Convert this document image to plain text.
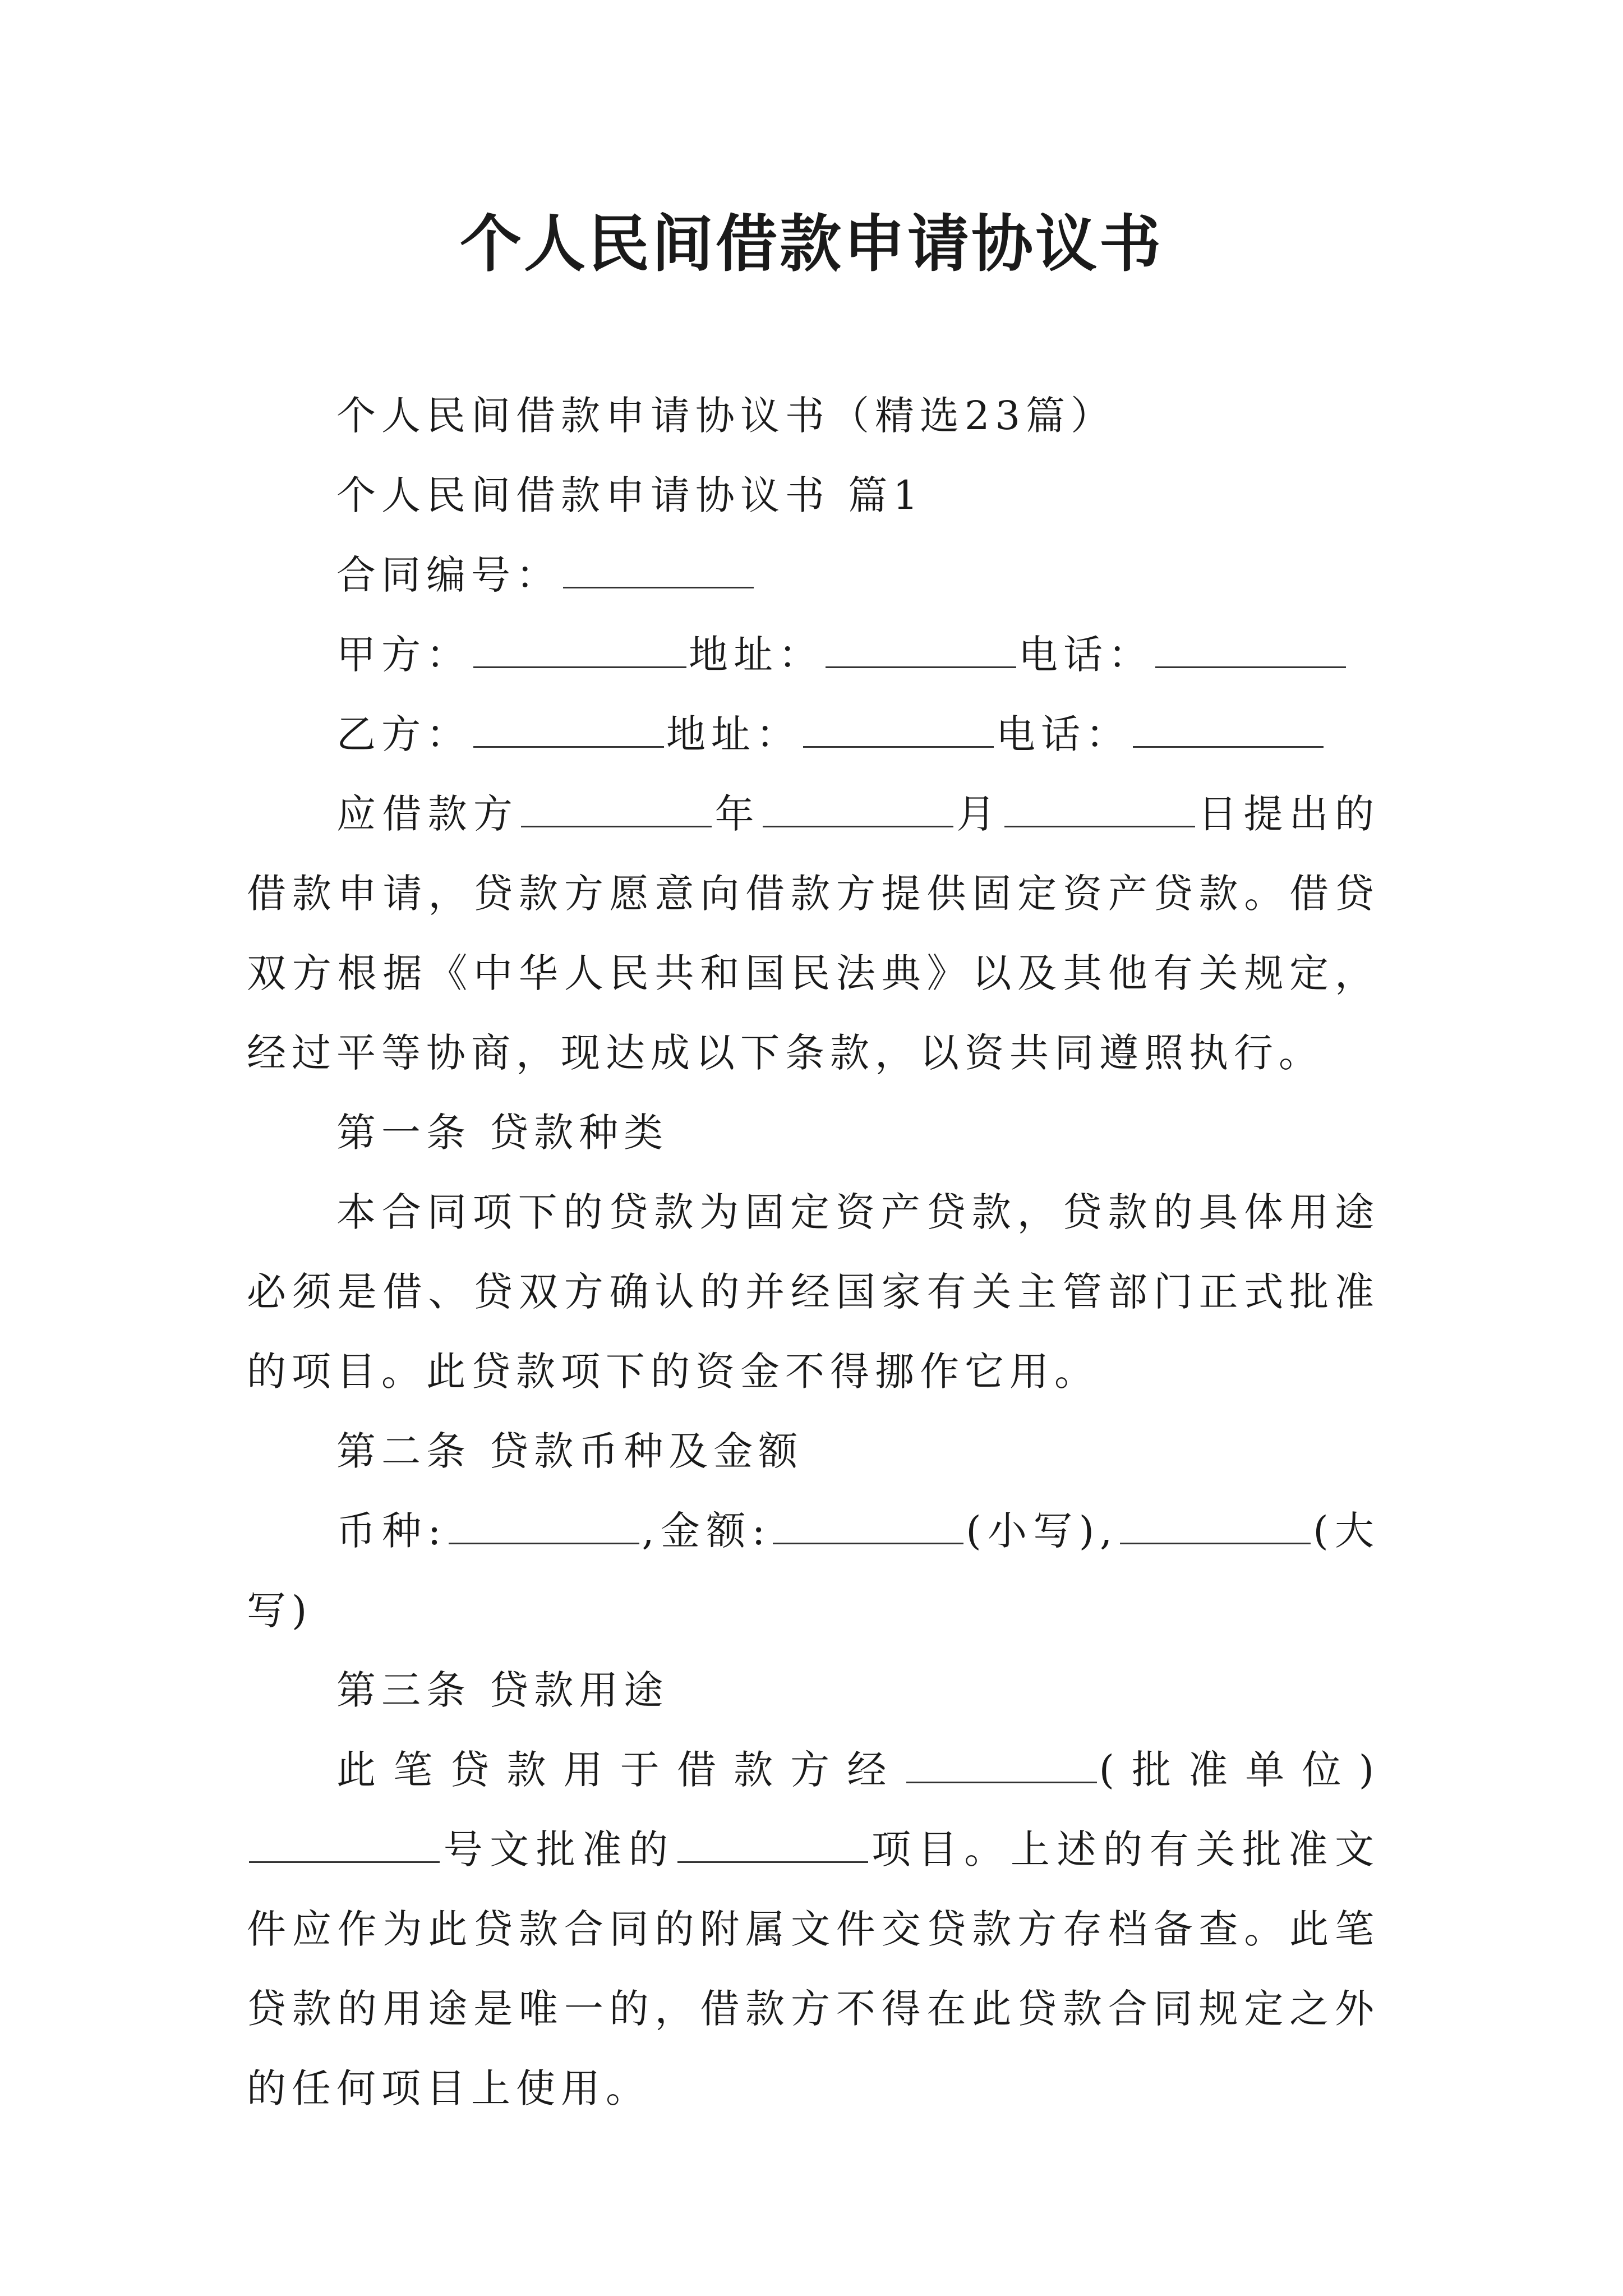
个人民间借款申请协议书

个人民间借款申请协议书（精选23篇）

个人民间借款申请协议书 篇1

合同编号：

甲方：	地址：	电话：

乙方：	地址：	电话：

应借款方	年	月	日提出的借款申请，贷款方愿意向借款方提供固定资产贷款。借贷双方根据《中华人民共和国民法典》以及其他有关规定，经过平等协商，现达成以下条款，以资共同遵照执行。

第一条 贷款种类

本合同项下的贷款为固定资产贷款，贷款的具体用途必须是借、贷双方确认的并经国家有关主管部门正式批准的项目。此贷款项下的资金不得挪作它用。

第二条 贷款币种及金额

币种:	,金额:	(小写),	(大写)

第三条 贷款用途

此笔贷款用于借款方经	(批准单位)号文批准的	项目。上述的有关批准文件应作为此贷款合同的附属文件交贷款方存档备查。此笔贷款的用途是唯一的，借款方不得在此贷款合同规定之外的任何项目上使用。
